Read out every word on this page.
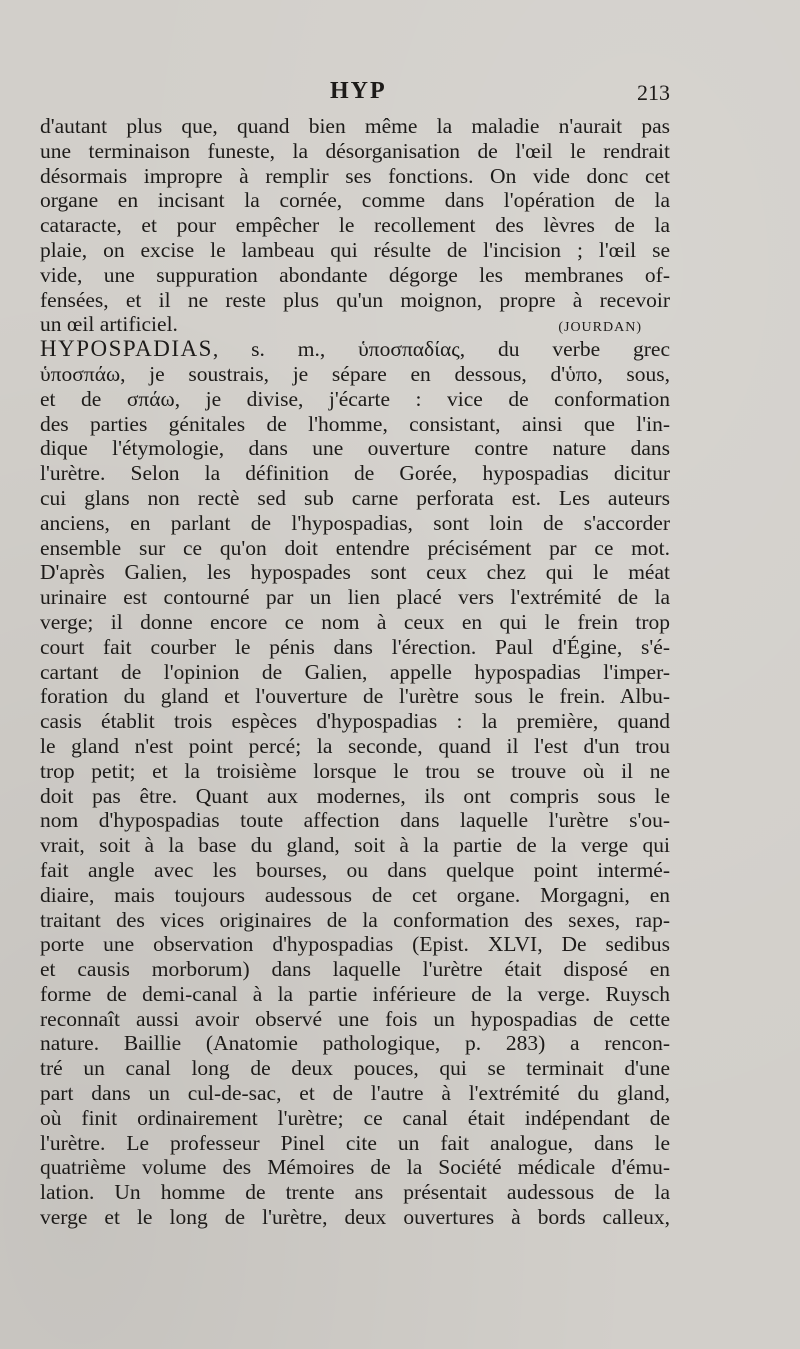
HYP	213
d'autant plus que, quand bien même la maladie n'aurait pas
une terminaison funeste, la désorganisation de l'œil le rendrait
désormais impropre à remplir ses fonctions. On vide donc cet
organe en incisant la cornée, comme dans l'opération de la
cataracte, et pour empêcher le recollement des lèvres de la
plaie, on excise le lambeau qui résulte de l'incision ; l'œil se
vide, une suppuration abondante dégorge les membranes of-
fensées, et il ne reste plus qu'un moignon, propre à recevoir
un œil artificiel.	(JOURDAN)
HYPOSPADIAS, s. m., ὑποσπαδίας, du verbe grec
ὑποσπάω, je soustrais, je sépare en dessous, d'ὑπο, sous,
et de σπάω, je divise, j'écarte : vice de conformation
des parties génitales de l'homme, consistant, ainsi que l'in-
dique l'étymologie, dans une ouverture contre nature dans
l'urètre. Selon la définition de Gorée, hypospadias dicitur
cui glans non rectè sed sub carne perforata est. Les auteurs
anciens, en parlant de l'hypospadias, sont loin de s'accorder
ensemble sur ce qu'on doit entendre précisément par ce mot.
D'après Galien, les hypospades sont ceux chez qui le méat
urinaire est contourné par un lien placé vers l'extrémité de la
verge; il donne encore ce nom à ceux en qui le frein trop
court fait courber le pénis dans l'érection. Paul d'Égine, s'é-
cartant de l'opinion de Galien, appelle hypospadias l'imper-
foration du gland et l'ouverture de l'urètre sous le frein. Albu-
casis établit trois espèces d'hypospadias : la première, quand
le gland n'est point percé; la seconde, quand il l'est d'un trou
trop petit; et la troisième lorsque le trou se trouve où il ne
doit pas être. Quant aux modernes, ils ont compris sous le
nom d'hypospadias toute affection dans laquelle l'urètre s'ou-
vrait, soit à la base du gland, soit à la partie de la verge qui
fait angle avec les bourses, ou dans quelque point intermé-
diaire, mais toujours audessous de cet organe. Morgagni, en
traitant des vices originaires de la conformation des sexes, rap-
porte une observation d'hypospadias (Epist. XLVI, De sedibus
et causis morborum) dans laquelle l'urètre était disposé en
forme de demi-canal à la partie inférieure de la verge. Ruysch
reconnaît aussi avoir observé une fois un hypospadias de cette
nature. Baillie (Anatomie pathologique, p. 283) a rencon-
tré un canal long de deux pouces, qui se terminait d'une
part dans un cul-de-sac, et de l'autre à l'extrémité du gland,
où finit ordinairement l'urètre; ce canal était indépendant de
l'urètre. Le professeur Pinel cite un fait analogue, dans le
quatrième volume des Mémoires de la Société médicale d'ému-
lation. Un homme de trente ans présentait audessous de la
verge et le long de l'urètre, deux ouvertures à bords calleux,
